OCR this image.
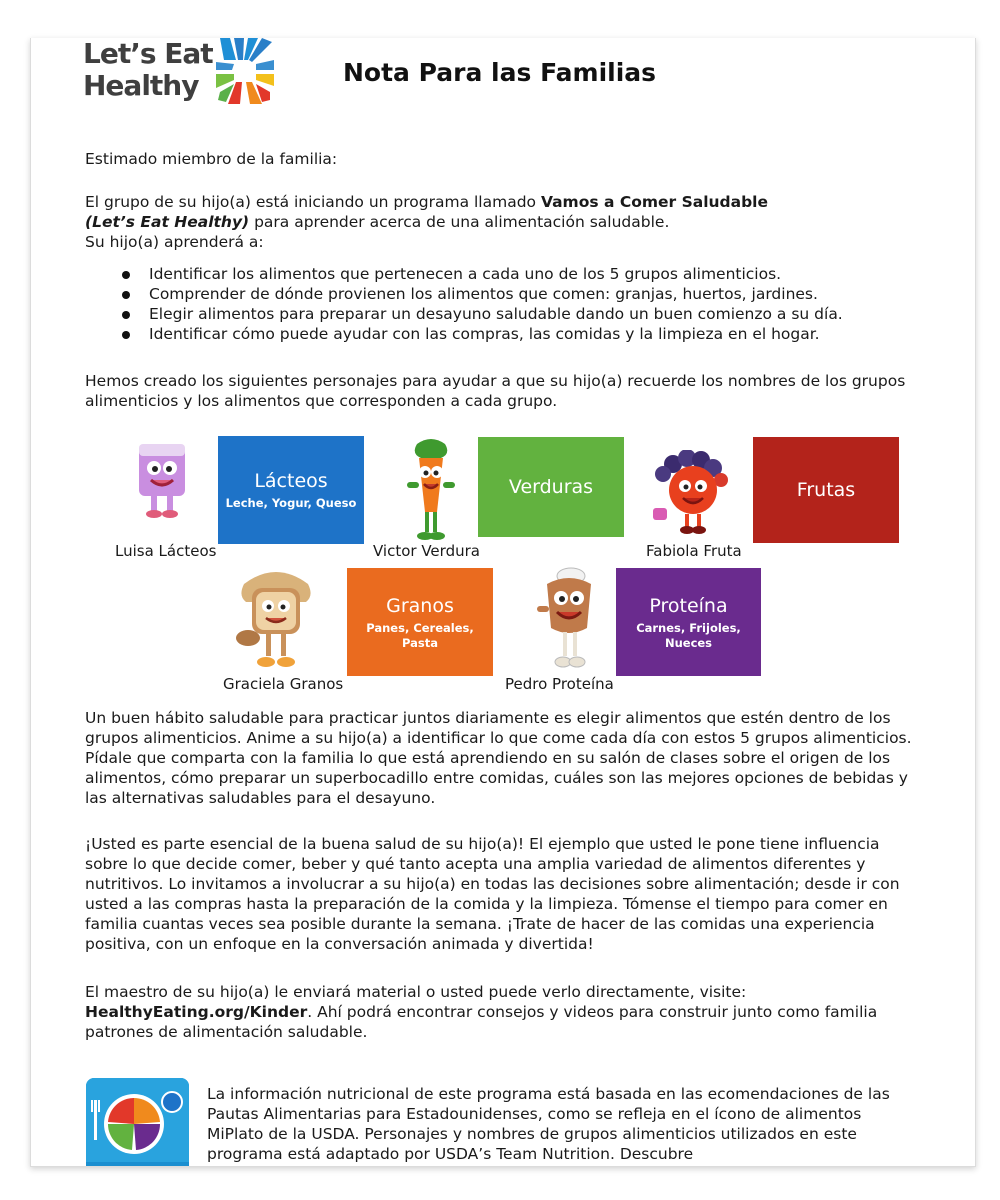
Let’s Eat
Healthy	Nota Para las Familias
Estimado miembro de la familia:
El grupo de su hijo(a) está iniciando un programa llamado Vamos a Comer Saludable
(Let’s Eat Healthy) para aprender acerca de una alimentación saludable.
Su hijo(a) aprenderá a:
Identificar los alimentos que pertenecen a cada uno de los 5 grupos alimenticios.
Comprender de dónde provienen los alimentos que comen: granjas, huertos, jardines.
Elegir alimentos para preparar un desayuno saludable dando un buen comienzo a su día.
Identificar cómo puede ayudar con las compras, las comidas y la limpieza en el hogar.
Hemos creado los siguientes personajes para ayudar a que su hijo(a) recuerde los nombres de los grupos alimenticios y los alimentos que corresponden a cada grupo.
Lácteos
Leche, Yogur, Queso
Luisa Lácteos
Verduras
Victor Verdura
Frutas
Fabiola Fruta
Granos
Panes, Cereales, Pasta
Graciela Granos
Proteína
Carnes, Frijoles, Nueces
Pedro Proteína
Un buen hábito saludable para practicar juntos diariamente es elegir alimentos que estén dentro de los grupos alimenticios. Anime a su hijo(a) a identificar lo que come cada día con estos 5 grupos alimenticios. Pídale que comparta con la familia lo que está aprendiendo en su salón de clases sobre el origen de los alimentos, cómo preparar un superbocadillo entre comidas, cuáles son las mejores opciones de bebidas y las alternativas saludables para el desayuno.
¡Usted es parte esencial de la buena salud de su hijo(a)! El ejemplo que usted le pone tiene influencia sobre lo que decide comer, beber y qué tanto acepta una amplia variedad de alimentos diferentes y nutritivos. Lo invitamos a involucrar a su hijo(a) en todas las decisiones sobre alimentación; desde ir con usted a las compras hasta la preparación de la comida y la limpieza. Tómense el tiempo para comer en familia cuantas veces sea posible durante la semana. ¡Trate de hacer de las comidas una experiencia positiva, con un enfoque en la conversación animada y divertida!
El maestro de su hijo(a) le enviará material o usted puede verlo directamente, visite:
HealthyEating.org/Kinder. Ahí podrá encontrar consejos y videos para construir junto como familia patrones de alimentación saludable.
La información nutricional de este programa está basada en las ecomendaciones de las Pautas Alimentarias para Estadounidenses, como se refleja en el ícono de alimentos MiPlato de la USDA. Personajes y nombres de grupos alimenticios utilizados en este programa está adaptado por USDA’s Team Nutrition. Descubre
